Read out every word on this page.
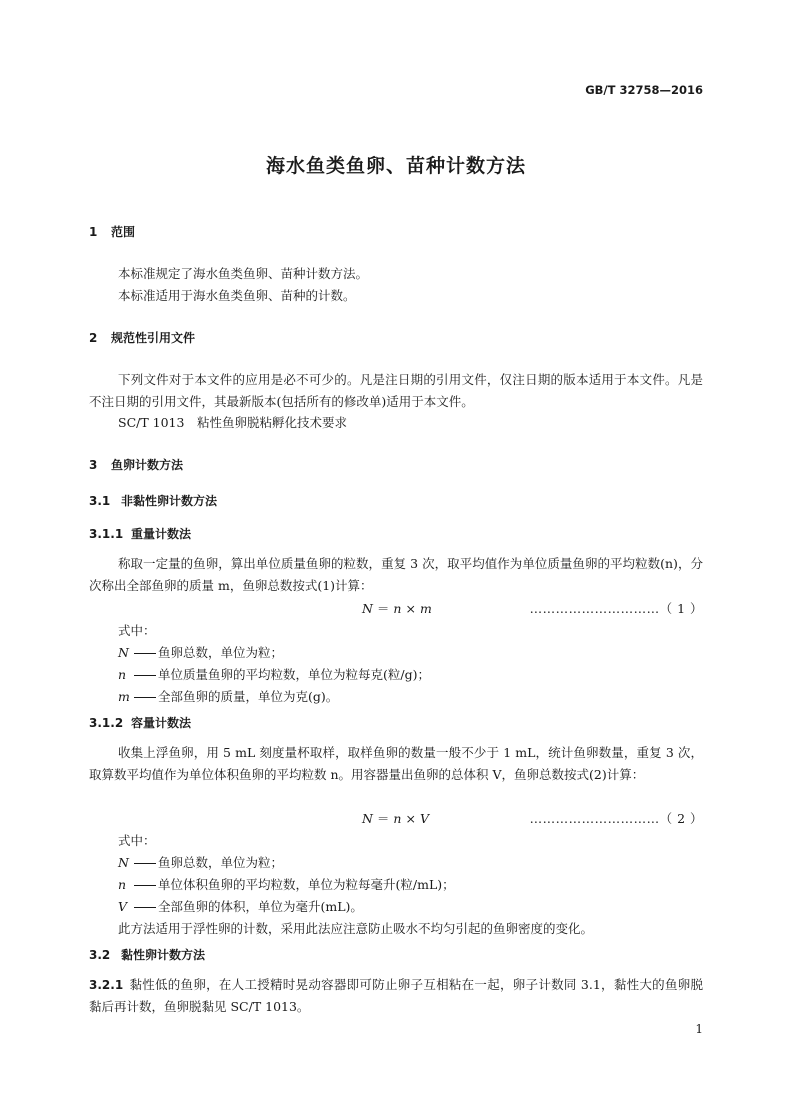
GB/T 32758—2016
海水鱼类鱼卵、苗种计数方法
1 范围
本标准规定了海水鱼类鱼卵、苗种计数方法。
本标准适用于海水鱼类鱼卵、苗种的计数。
2 规范性引用文件
下列文件对于本文件的应用是必不可少的。凡是注日期的引用文件，仅注日期的版本适用于本文件。凡是不注日期的引用文件，其最新版本(包括所有的修改单)适用于本文件。
SC/T 1013　粘性鱼卵脱粘孵化技术要求
3 鱼卵计数方法
3.1 非黏性卵计数方法
3.1.1 重量计数法
称取一定量的鱼卵，算出单位质量鱼卵的粒数，重复 3 次，取平均值作为单位质量鱼卵的平均粒数(n)，分次称出全部鱼卵的质量 m，鱼卵总数按式(1)计算：
N ＝ n × m	…………………………（ 1 ）
式中：
N 鱼卵总数，单位为粒；
n	单位质量鱼卵的平均粒数，单位为粒每克(粒/g)；
m 全部鱼卵的质量，单位为克(g)。
3.1.2 容量计数法
收集上浮鱼卵，用 5 mL 刻度量杯取样，取样鱼卵的数量一般不少于 1 mL，统计鱼卵数量，重复 3 次，取算数平均值作为单位体积鱼卵的平均粒数 n。用容器量出鱼卵的总体积 V，鱼卵总数按式(2)计算：
N ＝ n × V	…………………………（ 2 ）
式中：
N 鱼卵总数，单位为粒；
n	单位体积鱼卵的平均粒数，单位为粒每毫升(粒/mL)；
V 全部鱼卵的体积，单位为毫升(mL)。
此方法适用于浮性卵的计数，采用此法应注意防止吸水不均匀引起的鱼卵密度的变化。
3.2 黏性卵计数方法
3.2.1 黏性低的鱼卵，在人工授精时晃动容器即可防止卵子互相粘在一起，卵子计数同 3.1，黏性大的鱼卵脱黏后再计数，鱼卵脱黏见 SC/T 1013。
1
